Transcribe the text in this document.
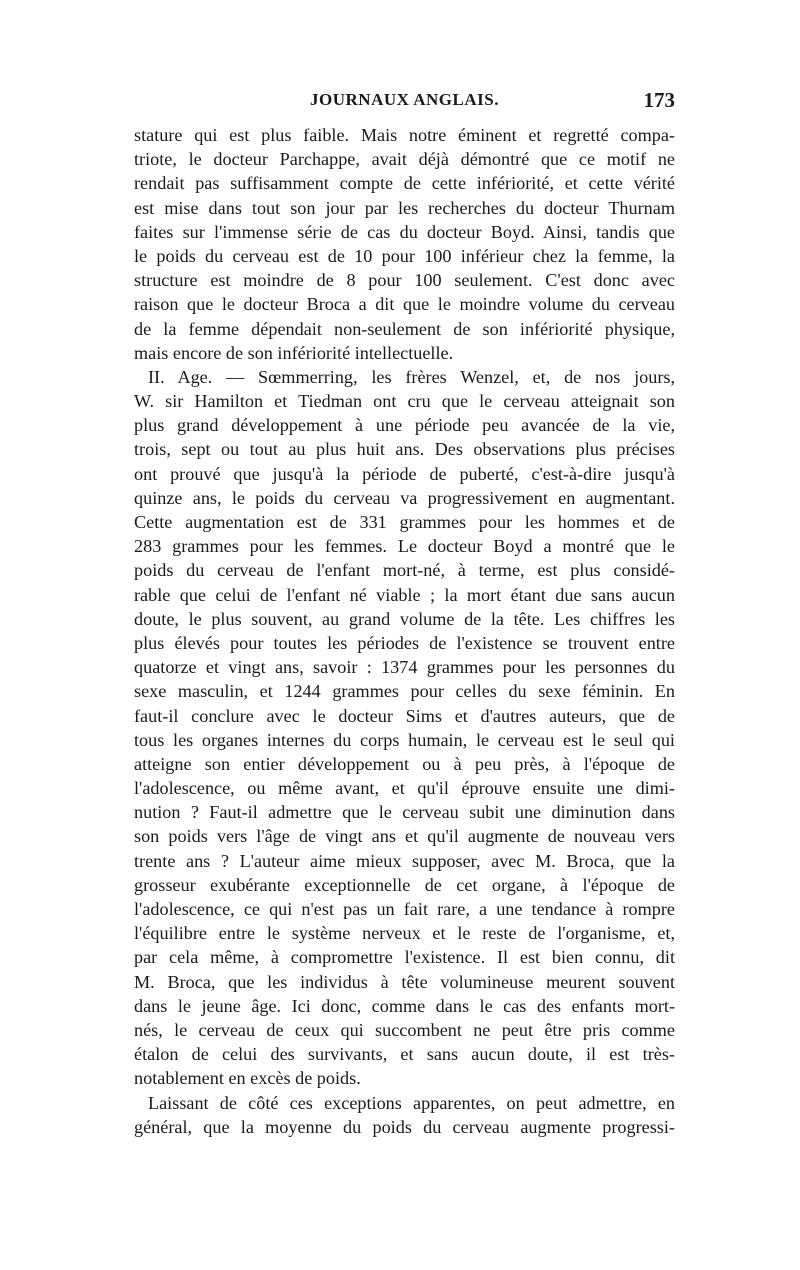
JOURNAUX ANGLAIS.	173
stature qui est plus faible. Mais notre éminent et regretté compa-
triote, le docteur Parchappe, avait déjà démontré que ce motif ne
rendait pas suffisamment compte de cette infériorité, et cette vérité
est mise dans tout son jour par les recherches du docteur Thurnam
faites sur l'immense série de cas du docteur Boyd. Ainsi, tandis que
le poids du cerveau est de 10 pour 100 inférieur chez la femme, la
structure est moindre de 8 pour 100 seulement. C'est donc avec
raison que le docteur Broca a dit que le moindre volume du cerveau
de la femme dépendait non-seulement de son infériorité physique,
mais encore de son infériorité intellectuelle.
II. Age. — Sœmmerring, les frères Wenzel, et, de nos jours,
W. sir Hamilton et Tiedman ont cru que le cerveau atteignait son
plus grand développement à une période peu avancée de la vie,
trois, sept ou tout au plus huit ans. Des observations plus précises
ont prouvé que jusqu'à la période de puberté, c'est-à-dire jusqu'à
quinze ans, le poids du cerveau va progressivement en augmentant.
Cette augmentation est de 331 grammes pour les hommes et de
283 grammes pour les femmes. Le docteur Boyd a montré que le
poids du cerveau de l'enfant mort-né, à terme, est plus considé-
rable que celui de l'enfant né viable ; la mort étant due sans aucun
doute, le plus souvent, au grand volume de la tête. Les chiffres les
plus élevés pour toutes les périodes de l'existence se trouvent entre
quatorze et vingt ans, savoir : 1374 grammes pour les personnes du
sexe masculin, et 1244 grammes pour celles du sexe féminin. En
faut-il conclure avec le docteur Sims et d'autres auteurs, que de
tous les organes internes du corps humain, le cerveau est le seul qui
atteigne son entier développement ou à peu près, à l'époque de
l'adolescence, ou même avant, et qu'il éprouve ensuite une dimi-
nution ? Faut-il admettre que le cerveau subit une diminution dans
son poids vers l'âge de vingt ans et qu'il augmente de nouveau vers
trente ans ? L'auteur aime mieux supposer, avec M. Broca, que la
grosseur exubérante exceptionnelle de cet organe, à l'époque de
l'adolescence, ce qui n'est pas un fait rare, a une tendance à rompre
l'équilibre entre le système nerveux et le reste de l'organisme, et,
par cela même, à compromettre l'existence. Il est bien connu, dit
M. Broca, que les individus à tête volumineuse meurent souvent
dans le jeune âge. Ici donc, comme dans le cas des enfants mort-
nés, le cerveau de ceux qui succombent ne peut être pris comme
étalon de celui des survivants, et sans aucun doute, il est très-
notablement en excès de poids.
Laissant de côté ces exceptions apparentes, on peut admettre, en
général, que la moyenne du poids du cerveau augmente progressi-
